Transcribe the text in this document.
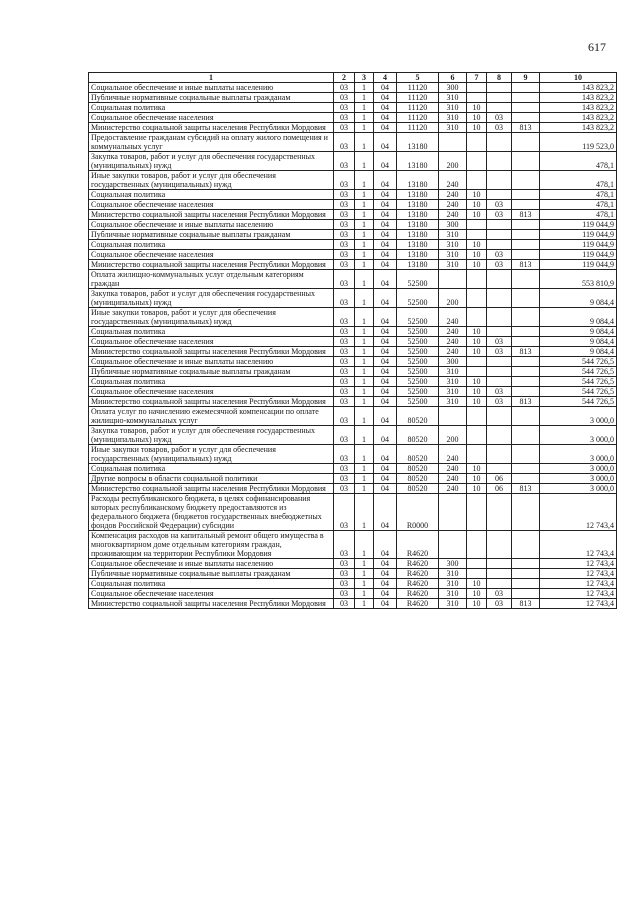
617
1	2	3	4	5	6	7	8	9	10
Социальное обеспечение и иные выплаты населению	03	1	04	11120	300				143 823,2
Публичные нормативные социальные выплаты гражданам	03	1	04	11120	310				143 823,2
Социальная политика	03	1	04	11120	310	10			143 823,2
Социальное обеспечение населения	03	1	04	11120	310	10	03		143 823,2
Министерство социальной защиты населения Республики Мордовия	03	1	04	11120	310	10	03	813	143 823,2
Предоставление гражданам субсидий на оплату жилого помещения и коммунальных услуг	03	1	04	13180					119 523,0
Закупка товаров, работ и услуг для обеспечения государственных (муниципальных) нужд	03	1	04	13180	200				478,1
Иные закупки товаров, работ и услуг для обеспечения государственных (муниципальных) нужд	03	1	04	13180	240				478,1
Социальная политика	03	1	04	13180	240	10			478,1
Социальное обеспечение населения	03	1	04	13180	240	10	03		478,1
Министерство социальной защиты населения Республики Мордовия	03	1	04	13180	240	10	03	813	478,1
Социальное обеспечение и иные выплаты населению	03	1	04	13180	300				119 044,9
Публичные нормативные социальные выплаты гражданам	03	1	04	13180	310				119 044,9
Социальная политика	03	1	04	13180	310	10			119 044,9
Социальное обеспечение населения	03	1	04	13180	310	10	03		119 044,9
Министерство социальной защиты населения Республики Мордовия	03	1	04	13180	310	10	03	813	119 044,9
Оплата жилищно-коммунальных услуг отдельным категориям граждан	03	1	04	52500					553 810,9
Закупка товаров, работ и услуг для обеспечения государственных (муниципальных) нужд	03	1	04	52500	200				9 084,4
Иные закупки товаров, работ и услуг для обеспечения государственных (муниципальных) нужд	03	1	04	52500	240				9 084,4
Социальная политика	03	1	04	52500	240	10			9 084,4
Социальное обеспечение населения	03	1	04	52500	240	10	03		9 084,4
Министерство социальной защиты населения Республики Мордовия	03	1	04	52500	240	10	03	813	9 084,4
Социальное обеспечение и иные выплаты населению	03	1	04	52500	300				544 726,5
Публичные нормативные социальные выплаты гражданам	03	1	04	52500	310				544 726,5
Социальная политика	03	1	04	52500	310	10			544 726,5
Социальное обеспечение населения	03	1	04	52500	310	10	03		544 726,5
Министерство социальной защиты населения Республики Мордовия	03	1	04	52500	310	10	03	813	544 726,5
Оплата услуг по начислению ежемесячной компенсации по оплате жилищно-коммунальных услуг	03	1	04	80520					3 000,0
Закупка товаров, работ и услуг для обеспечения государственных (муниципальных) нужд	03	1	04	80520	200				3 000,0
Иные закупки товаров, работ и услуг для обеспечения государственных (муниципальных) нужд	03	1	04	80520	240				3 000,0
Социальная политика	03	1	04	80520	240	10			3 000,0
Другие вопросы в области социальной политики	03	1	04	80520	240	10	06		3 000,0
Министерство социальной защиты населения Республики Мордовия	03	1	04	80520	240	10	06	813	3 000,0
Расходы республиканского бюджета, в целях софинансирования которых республиканскому бюджету предоставляются из федерального бюджета (бюджетов государственных внебюджетных фондов Российской Федерации) субсидии	03	1	04	R0000					12 743,4
Компенсация расходов на капитальный ремонт общего имущества в многоквартирном доме отдельным категориям граждан, проживающим на территории Республики Мордовия	03	1	04	R4620					12 743,4
Социальное обеспечение и иные выплаты населению	03	1	04	R4620	300				12 743,4
Публичные нормативные социальные выплаты гражданам	03	1	04	R4620	310				12 743,4
Социальная политика	03	1	04	R4620	310	10			12 743,4
Социальное обеспечение населения	03	1	04	R4620	310	10	03		12 743,4
Министерство социальной защиты населения Республики Мордовия	03	1	04	R4620	310	10	03	813	12 743,4
